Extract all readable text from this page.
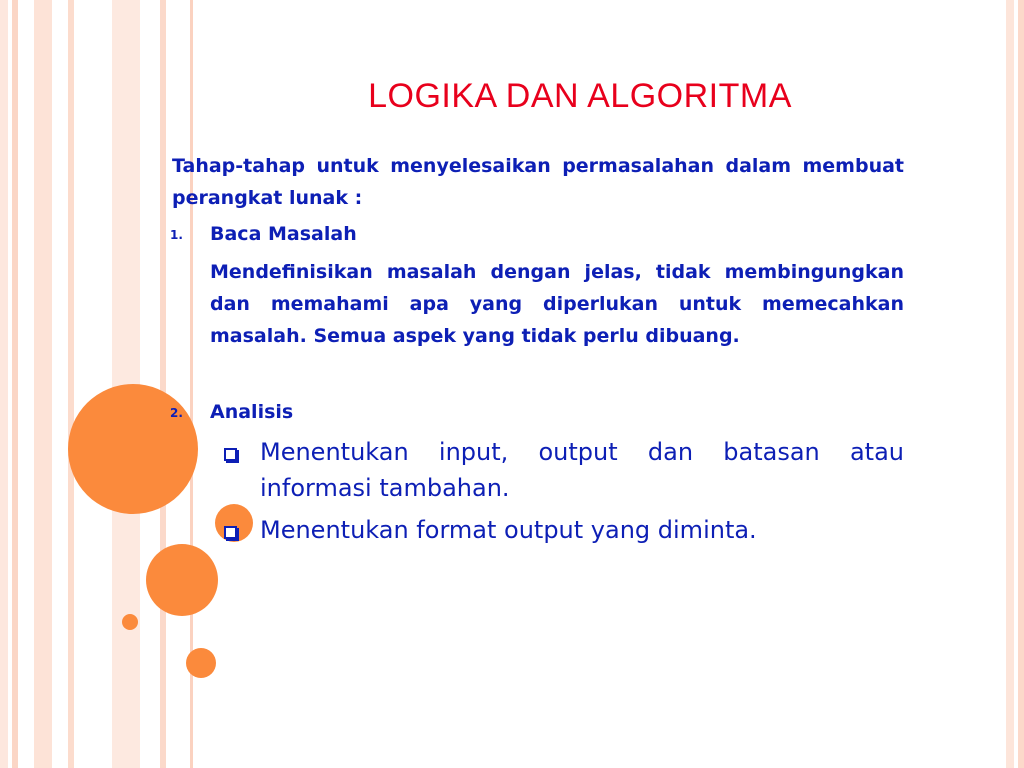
LOGIKA DAN ALGORITMA

Tahap-tahap untuk menyelesaikan permasalahan dalam membuat perangkat lunak :

1. Baca Masalah

Mendefinisikan masalah dengan jelas, tidak membingungkan dan memahami apa yang diperlukan untuk memecahkan masalah. Semua aspek yang tidak perlu dibuang.

2. Analisis
Menentukan input, output dan batasan atau informasi tambahan.
Menentukan format output yang diminta.
